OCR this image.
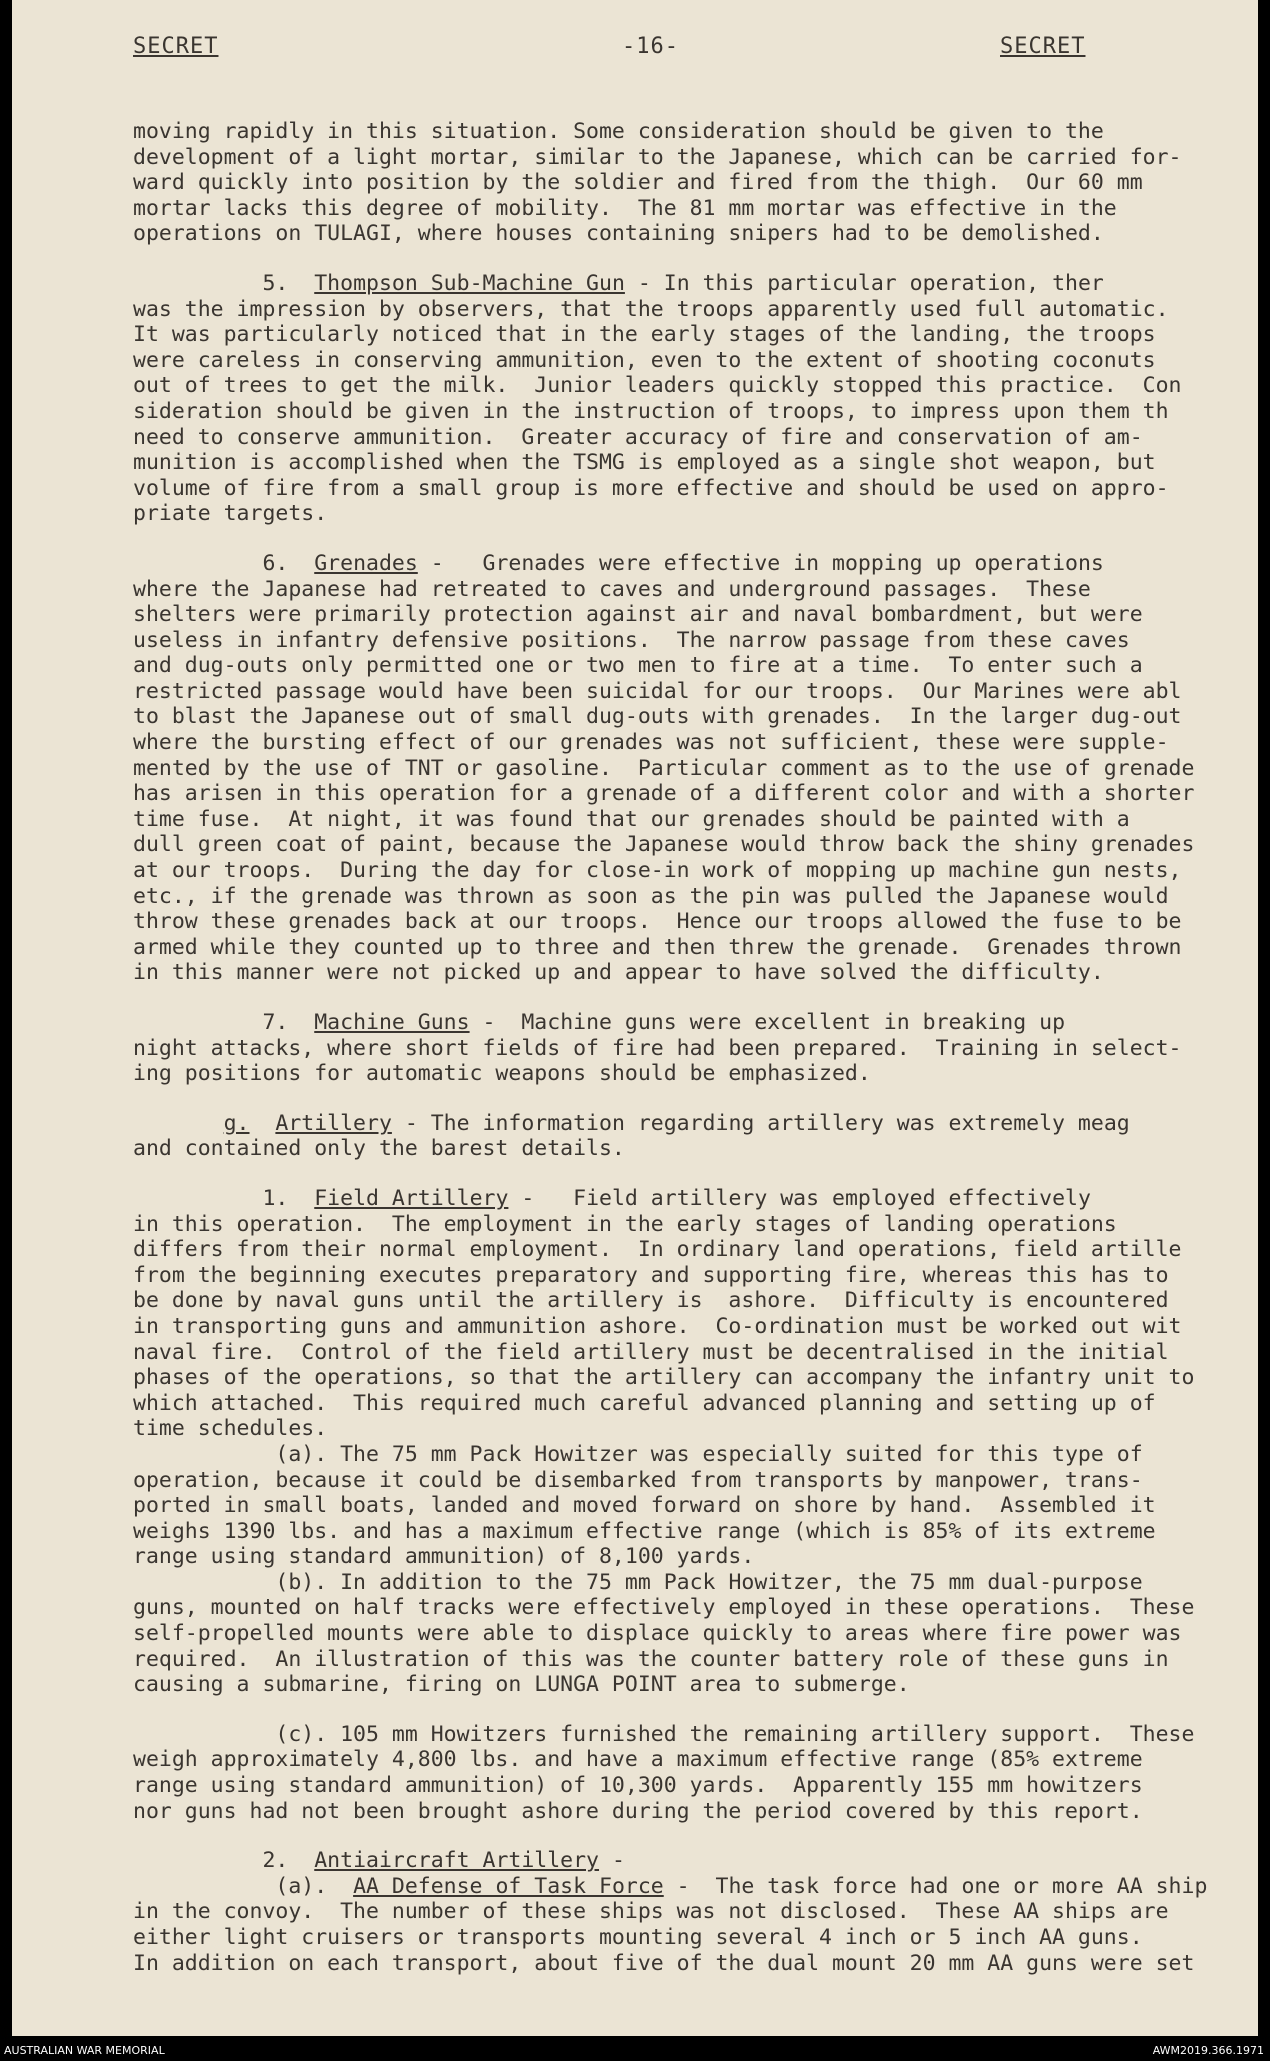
SECRET	-16-	SECRET
moving rapidly in this situation. Some consideration should be given to the
development of a light mortar, similar to the Japanese, which can be carried for-
ward quickly into position by the soldier and fired from the thigh.  Our 60 mm
mortar lacks this degree of mobility.  The 81 mm mortar was effective in the
operations on TULAGI, where houses containing snipers had to be demolished.
5. Thompson Sub-Machine Gun - In this particular operation, ther
was the impression by observers, that the troops apparently used full automatic.
It was particularly noticed that in the early stages of the landing, the troops
were careless in conserving ammunition, even to the extent of shooting coconuts
out of trees to get the milk.  Junior leaders quickly stopped this practice.  Con
sideration should be given in the instruction of troops, to impress upon them th
need to conserve ammunition.  Greater accuracy of fire and conservation of am-
munition is accomplished when the TSMG is employed as a single shot weapon, but
volume of fire from a small group is more effective and should be used on appro-
priate targets.
6. Grenades -   Grenades were effective in mopping up operations
where the Japanese had retreated to caves and underground passages.  These
shelters were primarily protection against air and naval bombardment, but were
useless in infantry defensive positions.  The narrow passage from these caves
and dug-outs only permitted one or two men to fire at a time.  To enter such a
restricted passage would have been suicidal for our troops.  Our Marines were abl
to blast the Japanese out of small dug-outs with grenades.  In the larger dug-out
where the bursting effect of our grenades was not sufficient, these were supple-
mented by the use of TNT or gasoline.  Particular comment as to the use of grenade
has arisen in this operation for a grenade of a different color and with a shorter
time fuse.  At night, it was found that our grenades should be painted with a
dull green coat of paint, because the Japanese would throw back the shiny grenades
at our troops.  During the day for close-in work of mopping up machine gun nests,
etc., if the grenade was thrown as soon as the pin was pulled the Japanese would
throw these grenades back at our troops.  Hence our troops allowed the fuse to be
armed while they counted up to three and then threw the grenade.  Grenades thrown
in this manner were not picked up and appear to have solved the difficulty.
7. Machine Guns -  Machine guns were excellent in breaking up
night attacks, where short fields of fire had been prepared.  Training in select-
ing positions for automatic weapons should be emphasized.
g. Artillery - The information regarding artillery was extremely meag
and contained only the barest details.
1. Field Artillery -   Field artillery was employed effectively
in this operation.  The employment in the early stages of landing operations
differs from their normal employment.  In ordinary land operations, field artille
from the beginning executes preparatory and supporting fire, whereas this has to
be done by naval guns until the artillery is  ashore.  Difficulty is encountered
in transporting guns and ammunition ashore.  Co-ordination must be worked out wit
naval fire.  Control of the field artillery must be decentralised in the initial
phases of the operations, so that the artillery can accompany the infantry unit to
which attached.  This required much careful advanced planning and setting up of
time schedules.
(a). The 75 mm Pack Howitzer was especially suited for this type of
operation, because it could be disembarked from transports by manpower, trans-
ported in small boats, landed and moved forward on shore by hand.  Assembled it
weighs 1390 lbs. and has a maximum effective range (which is 85% of its extreme
range using standard ammunition) of 8,100 yards.
(b). In addition to the 75 mm Pack Howitzer, the 75 mm dual-purpose
guns, mounted on half tracks were effectively employed in these operations.  These
self-propelled mounts were able to displace quickly to areas where fire power was
required.  An illustration of this was the counter battery role of these guns in
causing a submarine, firing on LUNGA POINT area to submerge.
(c). 105 mm Howitzers furnished the remaining artillery support.  These
weigh approximately 4,800 lbs. and have a maximum effective range (85% extreme
range using standard ammunition) of 10,300 yards.  Apparently 155 mm howitzers
nor guns had not been brought ashore during the period covered by this report.
2. Antiaircraft Artillery -
(a). AA Defense of Task Force -  The task force had one or more AA ship
in the convoy.  The number of these ships was not disclosed.  These AA ships are
either light cruisers or transports mounting several 4 inch or 5 inch AA guns.
In addition on each transport, about five of the dual mount 20 mm AA guns were set
AUSTRALIAN WAR MEMORIAL	AWM2019.366.1971
